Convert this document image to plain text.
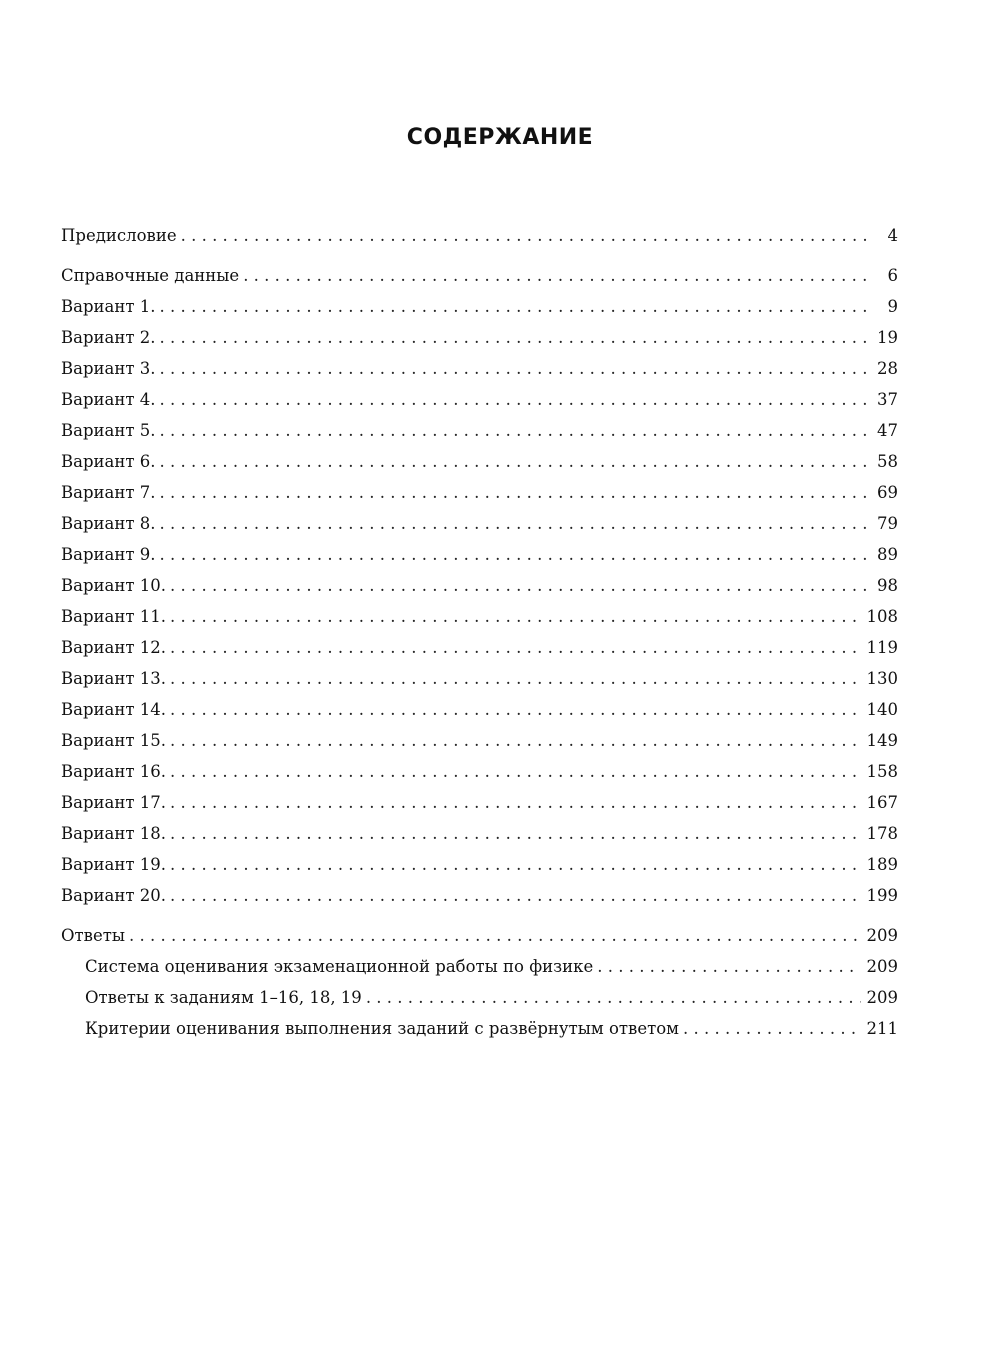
СОДЕРЖАНИЕ
Предисловие . . .	4
Справочные данные . . .	6
Вариант 1. . . .	9
Вариант 2. . . .	19
Вариант 3. . . .	28
Вариант 4. . . .	37
Вариант 5. . . .	47
Вариант 6. . . .	58
Вариант 7. . . .	69
Вариант 8. . . .	79
Вариант 9. . . .	89
Вариант 10. . . .	98
Вариант 11. . . .	108
Вариант 12. . . .	119
Вариант 13. . . .	130
Вариант 14. . . .	140
Вариант 15. . . .	149
Вариант 16. . . .	158
Вариант 17. . . .	167
Вариант 18. . . .	178
Вариант 19. . . .	189
Вариант 20. . . .	199
Ответы . . .	209
Система оценивания экзаменационной работы по физике . . .	209
Ответы к заданиям 1–16, 18, 19 . . .	209
Критерии оценивания выполнения заданий с развёрнутым ответом . . .	211
